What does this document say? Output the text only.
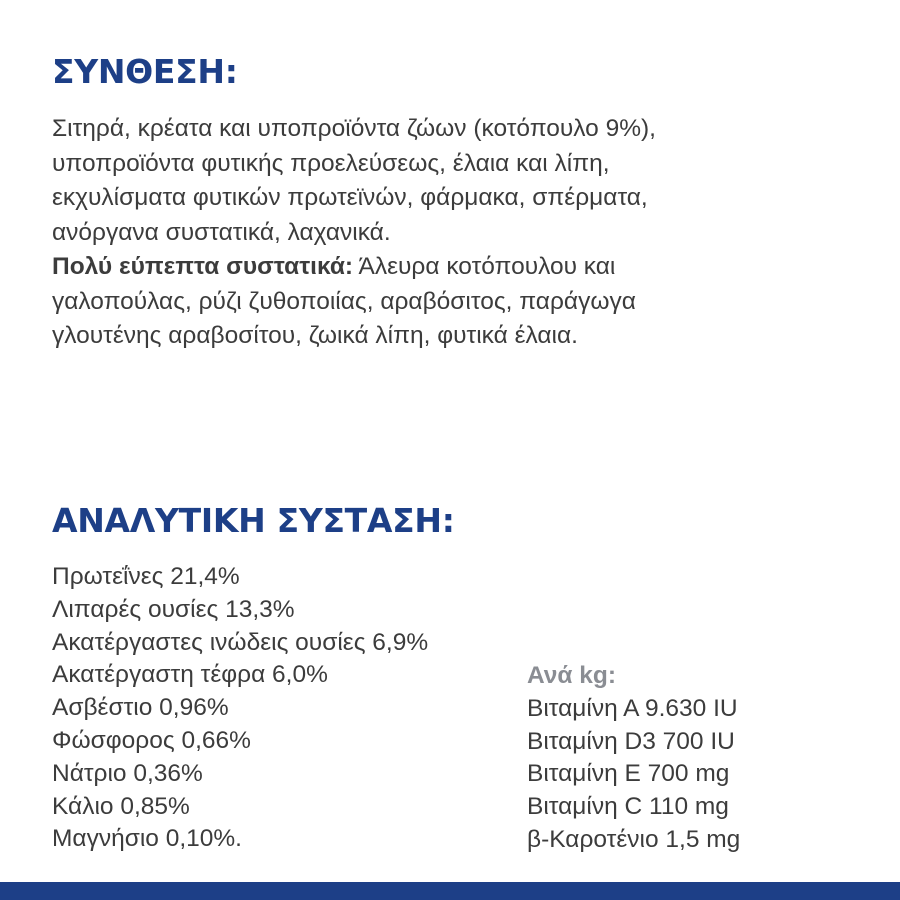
ΣΥΝΘΕΣΗ:
Σιτηρά, κρέατα και υποπροϊόντα ζώων (κοτόπουλο 9%),
υποπροϊόντα φυτικής προελεύσεως, έλαια και λίπη,
εκχυλίσματα φυτικών πρωτεϊνών, φάρμακα, σπέρματα,
ανόργανα συστατικά, λαχανικά.
Πολύ εύπεπτα συστατικά: Άλευρα κοτόπουλου και
γαλοπούλας, ρύζι ζυθοποιίας, αραβόσιτος, παράγωγα
γλουτένης αραβοσίτου, ζωικά λίπη, φυτικά έλαια.
ΑΝΑΛΥΤΙΚΗ ΣΥΣΤΑΣΗ:
Πρωτεΐνες 21,4%
Λιπαρές ουσίες 13,3%
Ακατέργαστες ινώδεις ουσίες 6,9%
Ακατέργαστη τέφρα 6,0%
Ασβέστιο 0,96%
Φώσφορος 0,66%
Νάτριο 0,36%
Κάλιο 0,85%
Μαγνήσιο 0,10%.
Ανά kg:
Βιταμίνη Α 9.630 IU
Βιταμίνη D3 700 IU
Βιταμίνη Ε 700 mg
Βιταμίνη C 110 mg
β-Καροτένιο 1,5 mg
